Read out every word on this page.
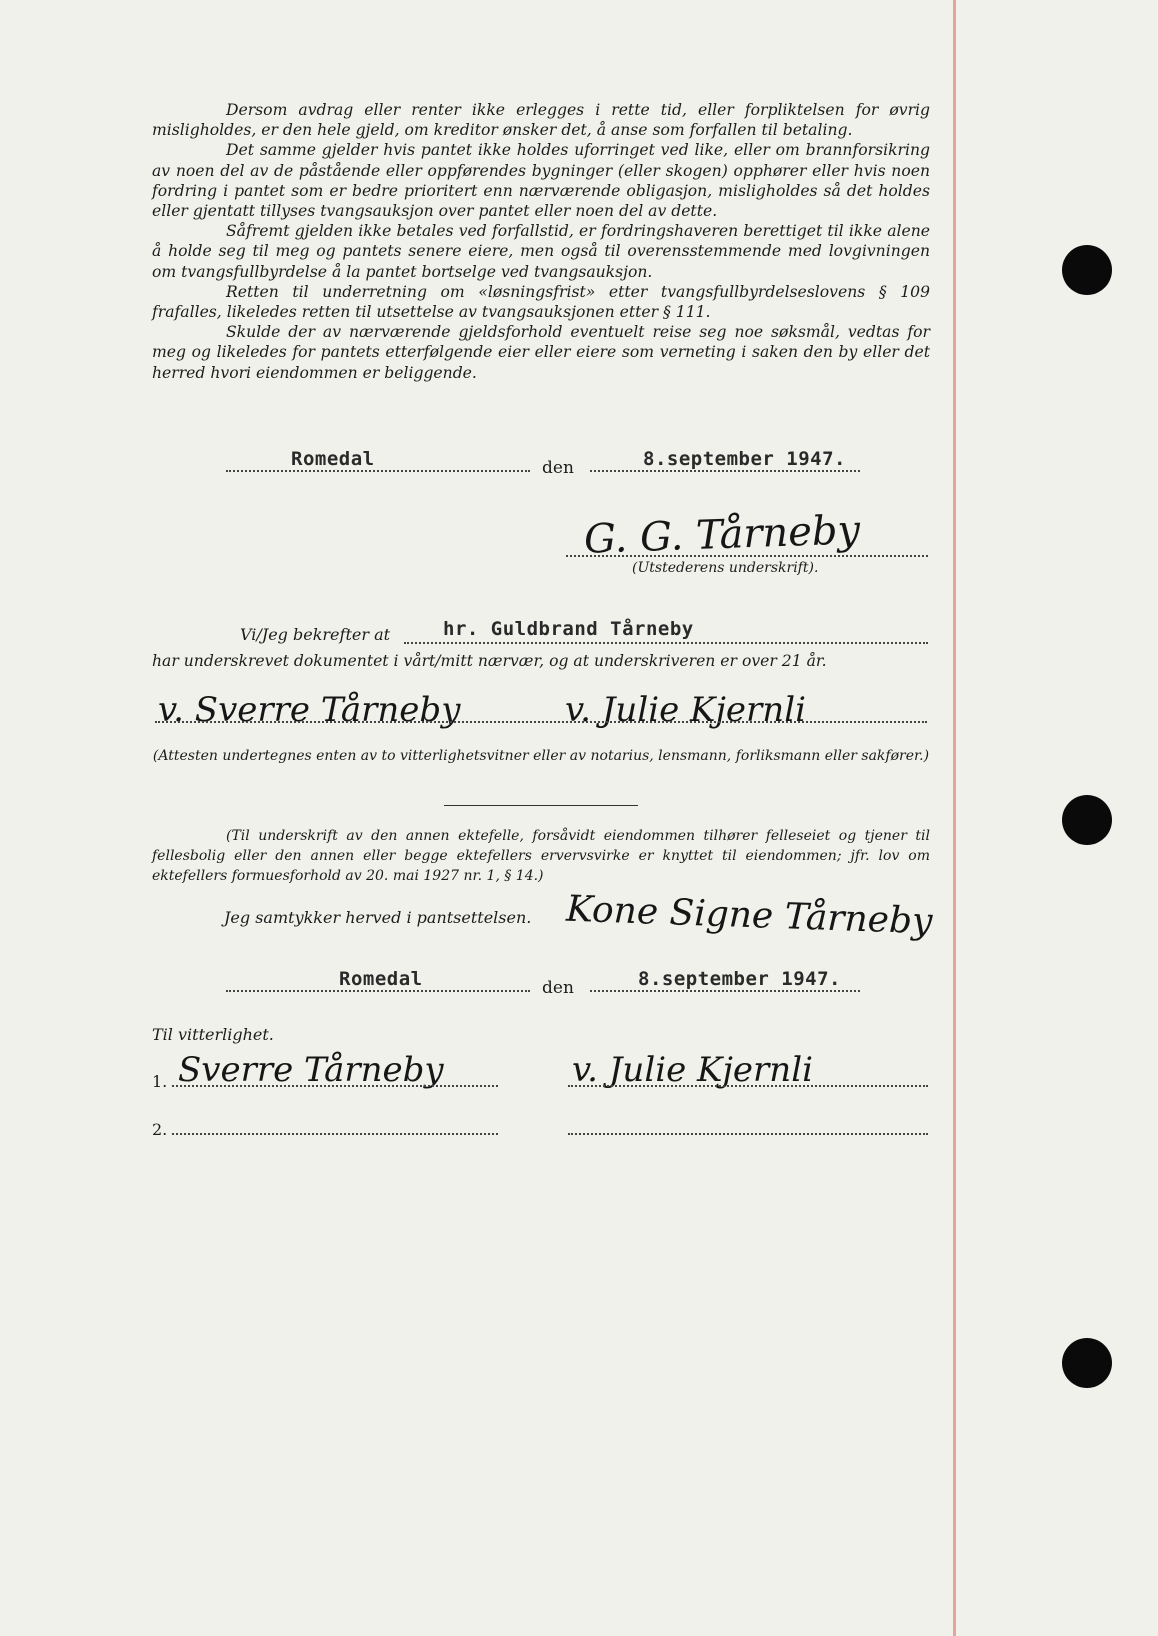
Dersom avdrag eller renter ikke erlegges i rette tid, eller forpliktelsen for øvrig misligholdes, er den hele gjeld, om kreditor ønsker det, å anse som forfallen til betaling.

Det samme gjelder hvis pantet ikke holdes uforringet ved like, eller om brannforsikring av noen del av de påstående eller oppførendes bygninger (eller skogen) opphører eller hvis noen fordring i pantet som er bedre prioritert enn nærværende obligasjon, misligholdes så det holdes eller gjentatt tillyses tvangsauksjon over pantet eller noen del av dette.

Såfremt gjelden ikke betales ved forfallstid, er fordringshaveren berettiget til ikke alene å holde seg til meg og pantets senere eiere, men også til overensstemmende med lovgivningen om tvangsfullbyrdelse å la pantet bortselge ved tvangsauksjon.

Retten til underretning om «løsningsfrist» etter tvangsfullbyrdelseslovens § 109 frafalles, likeledes retten til utsettelse av tvangsauksjonen etter § 111.

Skulde der av nærværende gjeldsforhold eventuelt reise seg noe søksmål, vedtas for meg og likeledes for pantets etterfølgende eier eller eiere som verneting i saken den by eller det herred hvori eiendommen er beliggende.

Romedal	den	8.september 1947.
G. G. Tårneby
(Utstederens underskrift).
Vi/Jeg bekrefter at	hr. Guldbrand Tårneby
har underskrevet dokumentet i vårt/mitt nærvær, og at underskriveren er over 21 år.
v. Sverre Tårneby	v. Julie Kjernli
(Attesten undertegnes enten av to vitterlighetsvitner eller av notarius, lensmann, forliksmann eller sakfører.)
(Til underskrift av den annen ektefelle, forsåvidt eiendommen tilhører felleseiet og tjener til fellesbolig eller den annen eller begge ektefellers ervervsvirke er knyttet til eiendommen; jfr. lov om ektefellers formuesforhold av 20. mai 1927 nr. 1, § 14.)
Jeg samtykker herved i pantsettelsen. Kone Signe Tårneby
Romedal	den	8.september 1947.
Til vitterlighet.
1. Sverre Tårneby	v. Julie Kjernli
2.
